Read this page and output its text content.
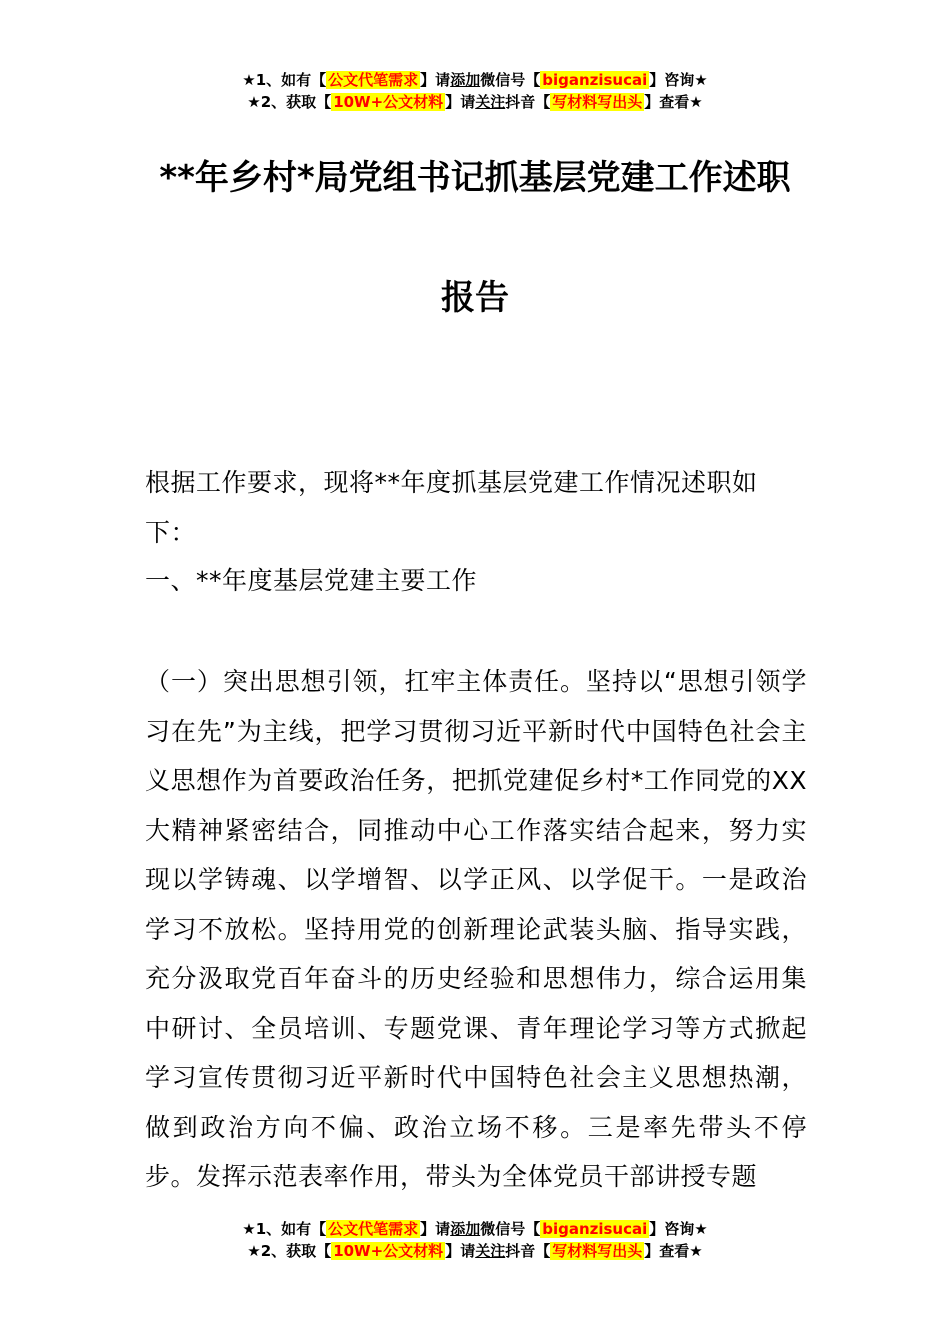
★1、如有【 公文代笔需求 】请添加微信号【 biganzisucai 】咨询★
★2、获取【 10W+公文材料 】请关注抖音【 写材料写出头 】查看★
**年乡村*局党组书记抓基层党建工作述职
报告
根据工作要求，现将**年度抓基层党建工作情况述职如下：
一、**年度基层党建主要工作
（一）突出思想引领，扛牢主体责任。坚持以“思想引领学习在先”为主线，把学习贯彻习近平新时代中国特色社会主义思想作为首要政治任务，把抓党建促乡村*工作同党的XX大精神紧密结合，同推动中心工作落实结合起来，努力实现以学铸魂、以学增智、以学正风、以学促干。一是政治学习不放松。坚持用党的创新理论武装头脑、指导实践，充分汲取党百年奋斗的历史经验和思想伟力，综合运用集中研讨、全员培训、专题党课、青年理论学习等方式掀起学习宣传贯彻习近平新时代中国特色社会主义思想热潮，做到政治方向不偏、政治立场不移。三是率先带头不停步。发挥示范表率作用，带头为全体党员干部讲授专题
★1、如有【 公文代笔需求 】请添加微信号【 biganzisucai 】咨询★
★2、获取【 10W+公文材料 】请关注抖音【 写材料写出头 】查看★
